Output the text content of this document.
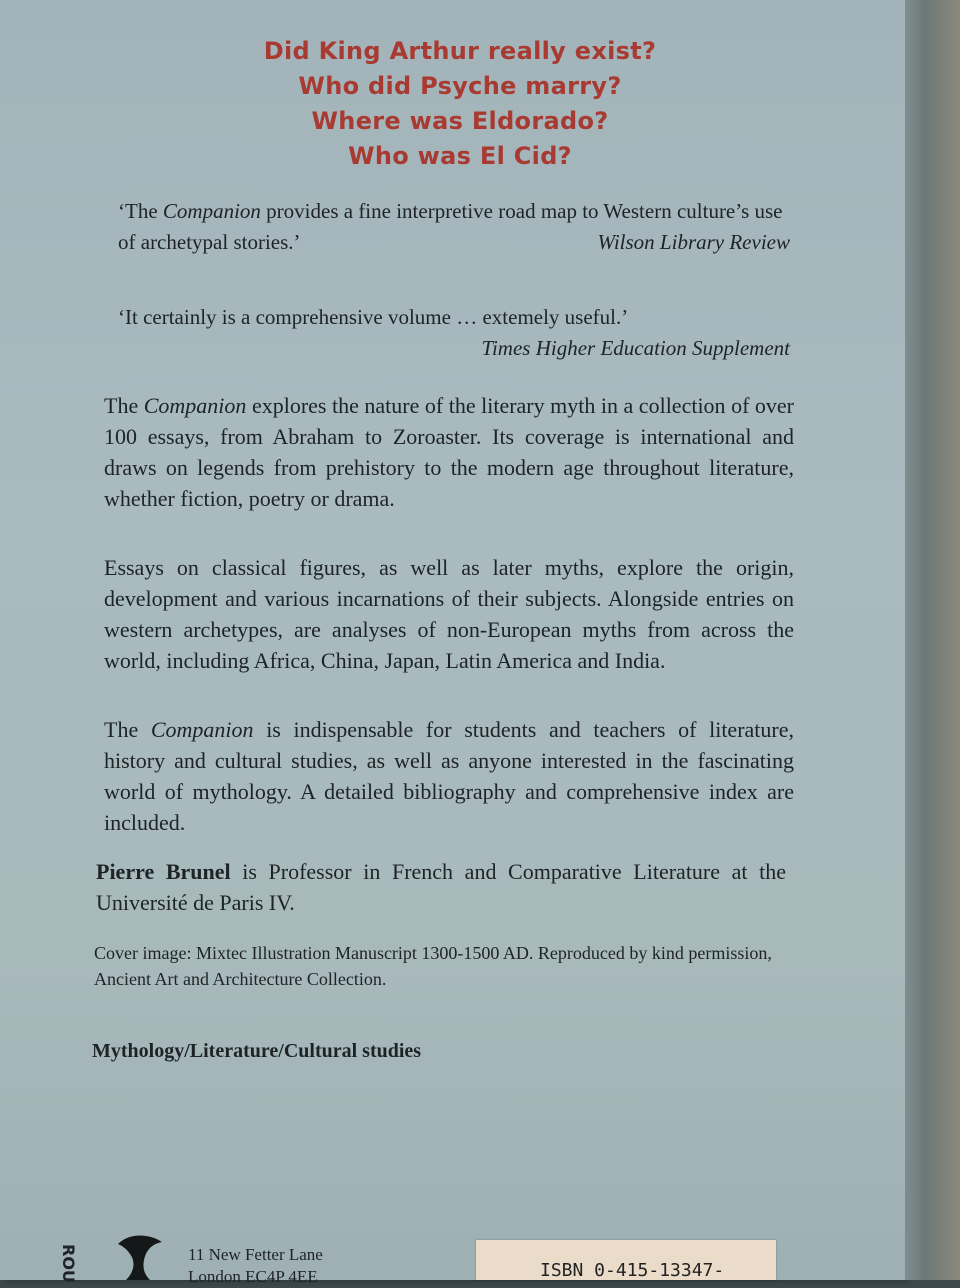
Did King Arthur really exist?
Who did Psyche marry?
Where was Eldorado?
Who was El Cid?
‘The Companion provides a fine interpretive road map to Western culture’s use of archetypal stories.’	Wilson Library Review
‘It certainly is a comprehensive volume … extemely useful.’
Times Higher Education Supplement
The Companion explores the nature of the literary myth in a collection of over 100 essays, from Abraham to Zoroaster. Its coverage is international and draws on legends from prehistory to the modern age throughout literature, whether fiction, poetry or drama.
Essays on classical figures, as well as later myths, explore the origin, development and various incarnations of their subjects. Alongside entries on western archetypes, are analyses of non-European myths from across the world, including Africa, China, Japan, Latin America and India.
The Companion is indispensable for students and teachers of literature, history and cultural studies, as well as anyone interested in the fascinating world of mythology. A detailed bibliography and comprehensive index are included.
Pierre Brunel is Professor in French and Comparative Literature at the Université de Paris IV.
Cover image: Mixtec Illustration Manuscript 1300-1500 AD. Reproduced by kind permission, Ancient Art and Architecture Collection.
Mythology/Literature/Cultural studies
ROU	11 New Fetter Lane
London EC4P 4EE	ISBN 0-415-13347-
